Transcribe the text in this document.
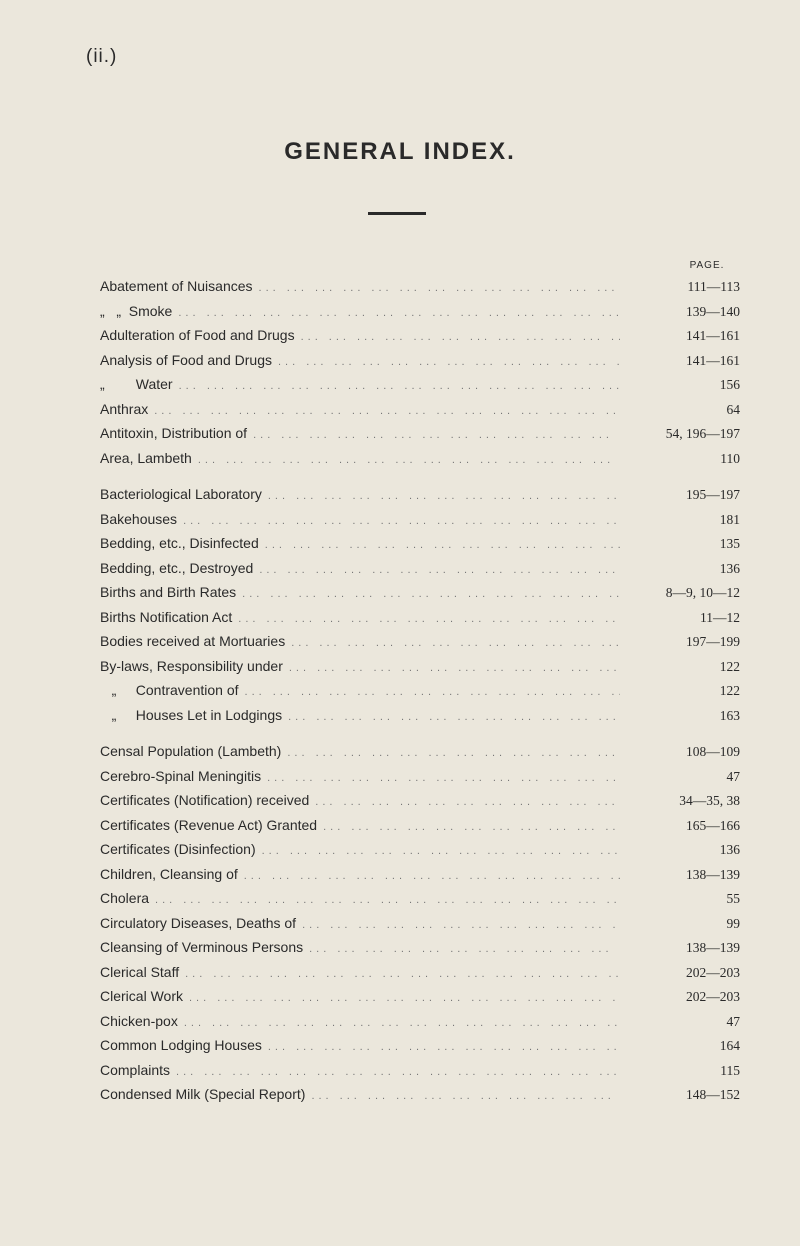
(ii.)
GENERAL INDEX.
PAGE.
Abatement of Nuisances ... .	111—113
„   „  Smoke ... .	139—140
Adulteration of Food and Drugs ... .	141—161
Analysis of Food and Drugs ... .	141—161
„        Water ... .	156
Anthrax ... .	64
Antitoxin, Distribution of ... .	54, 196—197
Area, Lambeth ... .	110
Bacteriological Laboratory ... .	195—197
Bakehouses ... .	181
Bedding, etc., Disinfected ... .	135
Bedding, etc., Destroyed ... .	136
Births and Birth Rates ... .	8—9, 10—12
Births Notification Act ... .	11—12
Bodies received at Mortuaries ... .	197—199
By-laws, Responsibility under ... .	122
„     Contravention of ... .	122
„     Houses Let in Lodgings ... .	163
Censal Population (Lambeth) ... .	108—109
Cerebro-Spinal Meningitis ... .	47
Certificates (Notification) received ... .	34—35, 38
Certificates (Revenue Act) Granted ... .	165—166
Certificates (Disinfection) ... .	136
Children, Cleansing of ... .	138—139
Cholera ... .	55
Circulatory Diseases, Deaths of ... .	99
Cleansing of Verminous Persons ... .	138—139
Clerical Staff ... .	202—203
Clerical Work ... .	202—203
Chicken-pox ... .	47
Common Lodging Houses ... .	164
Complaints ... .	115
Condensed Milk (Special Report) ... .	148—152
